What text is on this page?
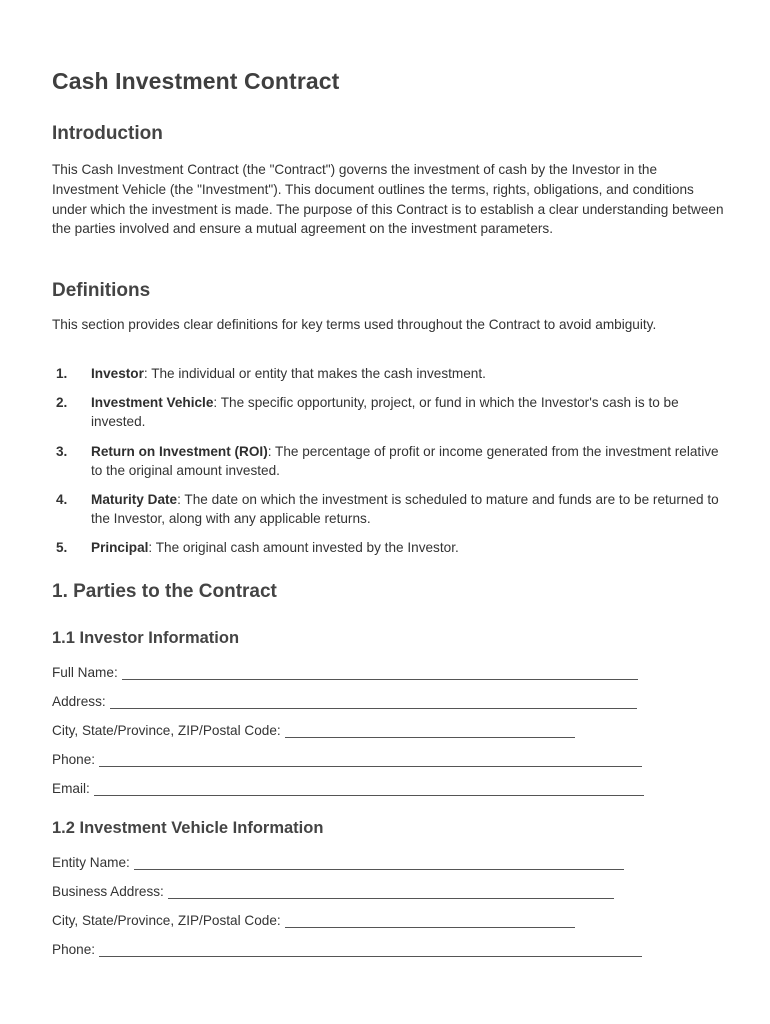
Cash Investment Contract
Introduction

This Cash Investment Contract (the "Contract") governs the investment of cash by the Investor in the Investment Vehicle (the "Investment"). This document outlines the terms, rights, obligations, and conditions under which the investment is made. The purpose of this Contract is to establish a clear understanding between the parties involved and ensure a mutual agreement on the investment parameters.

Definitions

This section provides clear definitions for key terms used throughout the Contract to avoid ambiguity.

1. Investor: The individual or entity that makes the cash investment.
2. Investment Vehicle: The specific opportunity, project, or fund in which the Investor's cash is to be invested.
3. Return on Investment (ROI): The percentage of profit or income generated from the investment relative to the original amount invested.
4. Maturity Date: The date on which the investment is scheduled to mature and funds are to be returned to the Investor, along with any applicable returns.
5. Principal: The original cash amount invested by the Investor.
1. Parties to the Contract
1.1 Investor Information
Full Name:
Address:
City, State/Province, ZIP/Postal Code:
Phone:
Email:
1.2 Investment Vehicle Information
Entity Name:
Business Address:
City, State/Province, ZIP/Postal Code:
Phone:
